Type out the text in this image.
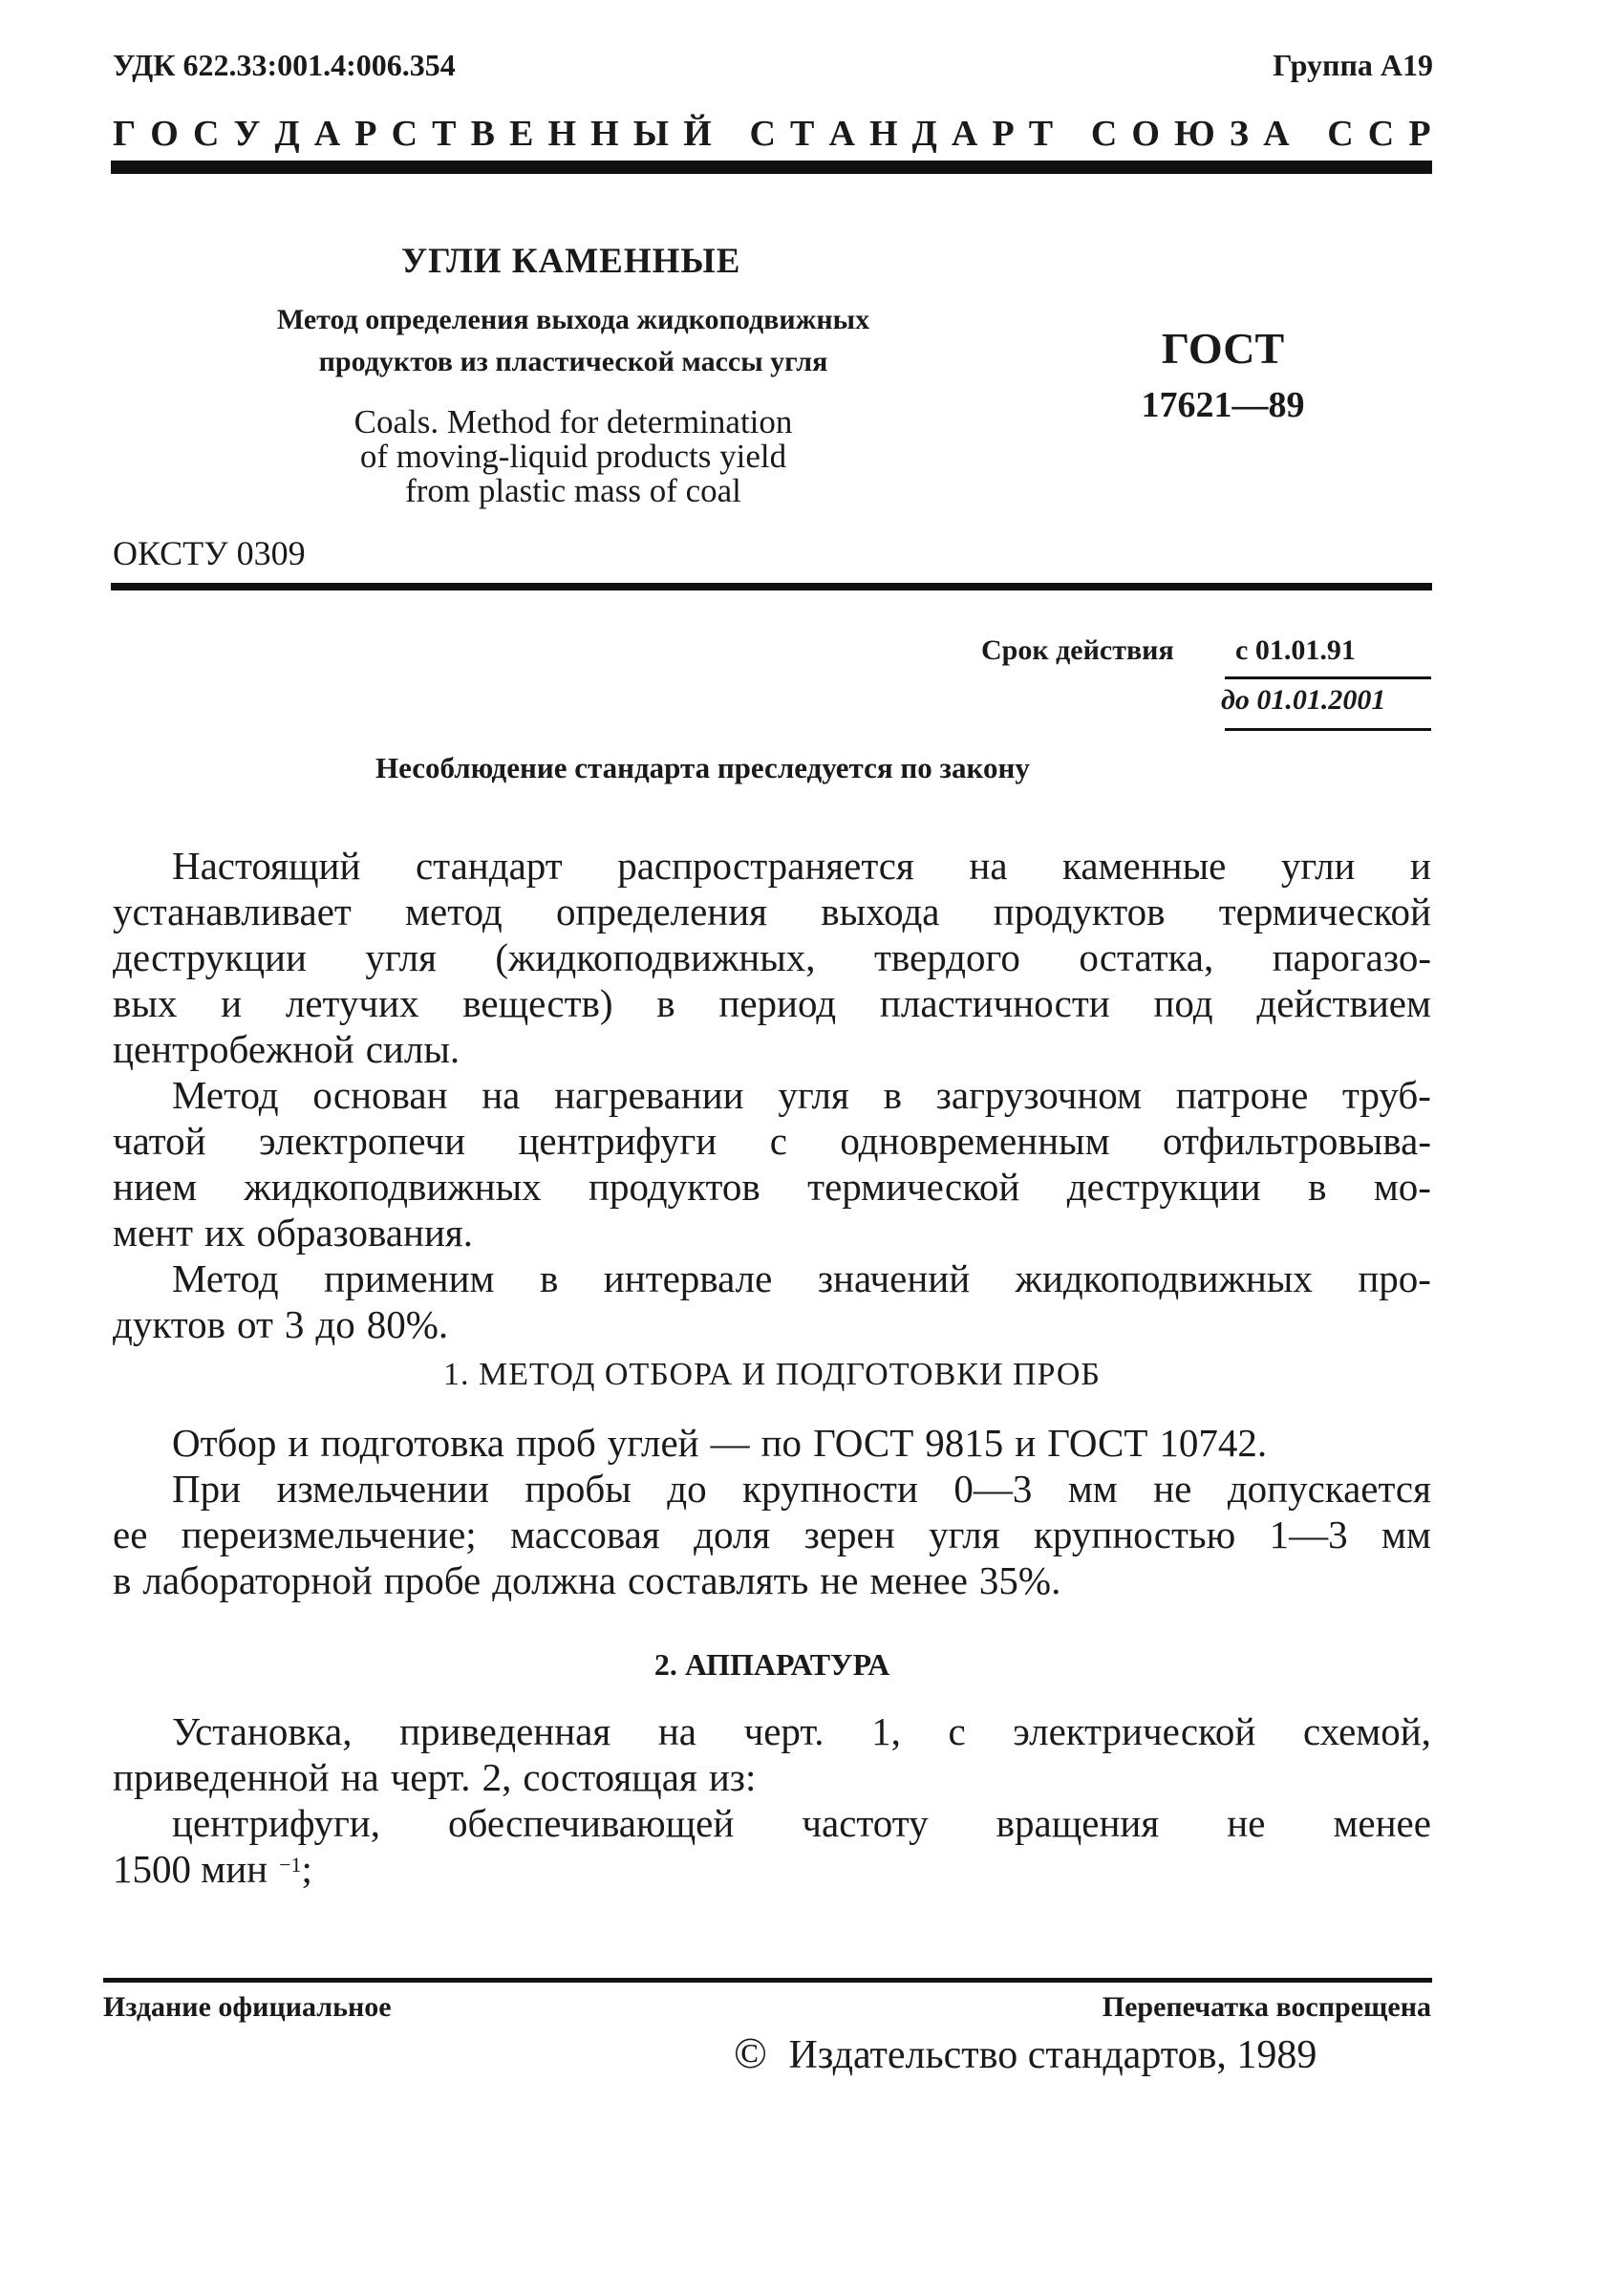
УДК 622.33:001.4:006.354	Группа А19
Г О С У Д А Р С Т В Е Н Н Ы Й
С Т А Н Д А Р Т
С О Ю З А
С С Р
УГЛИ КАМЕННЫЕ
Метод определения выхода жидкоподвижных
продуктов из пластической массы угля
Coals. Method for determination
of moving-liquid products yield
from plastic mass of coal
ГОСТ
17621—89
ОКСТУ 0309
Срок действия с 01.01.91
до 01.01.2001
Несоблюдение стандарта преследуется по закону
Настоящий стандарт распространяется на каменные угли и
устанавливает метод определения выхода продуктов термической
деструкции угля (жидкоподвижных, твердого остатка, парогазо-
вых и летучих веществ) в период пластичности под действием
центробежной силы.
Метод основан на нагревании угля в загрузочном патроне труб-
чатой электропечи центрифуги с одновременным отфильтровыва-
нием жидкоподвижных продуктов термической деструкции в мо-
мент их образования.
Метод применим в интервале значений жидкоподвижных про-
дуктов от 3 до 80%.
1. МЕТОД ОТБОРА И ПОДГОТОВКИ ПРОБ
Отбор и подготовка проб углей — по ГОСТ 9815 и ГОСТ 10742.
При измельчении пробы до крупности 0—3 мм не допускается
ее переизмельчение; массовая доля зерен угля крупностью 1—3 мм
в лабораторной пробе должна составлять не менее 35%.
2. АППАРАТУРА
Установка, приведенная на черт. 1, с электрической схемой,
приведенной на черт. 2, состоящая из:
центрифуги, обеспечивающей частоту вращения не менее
1500 мин $^{-1}$;
Издание официальное	Перепечатка воспрещена
© Издательство стандартов, 1989
